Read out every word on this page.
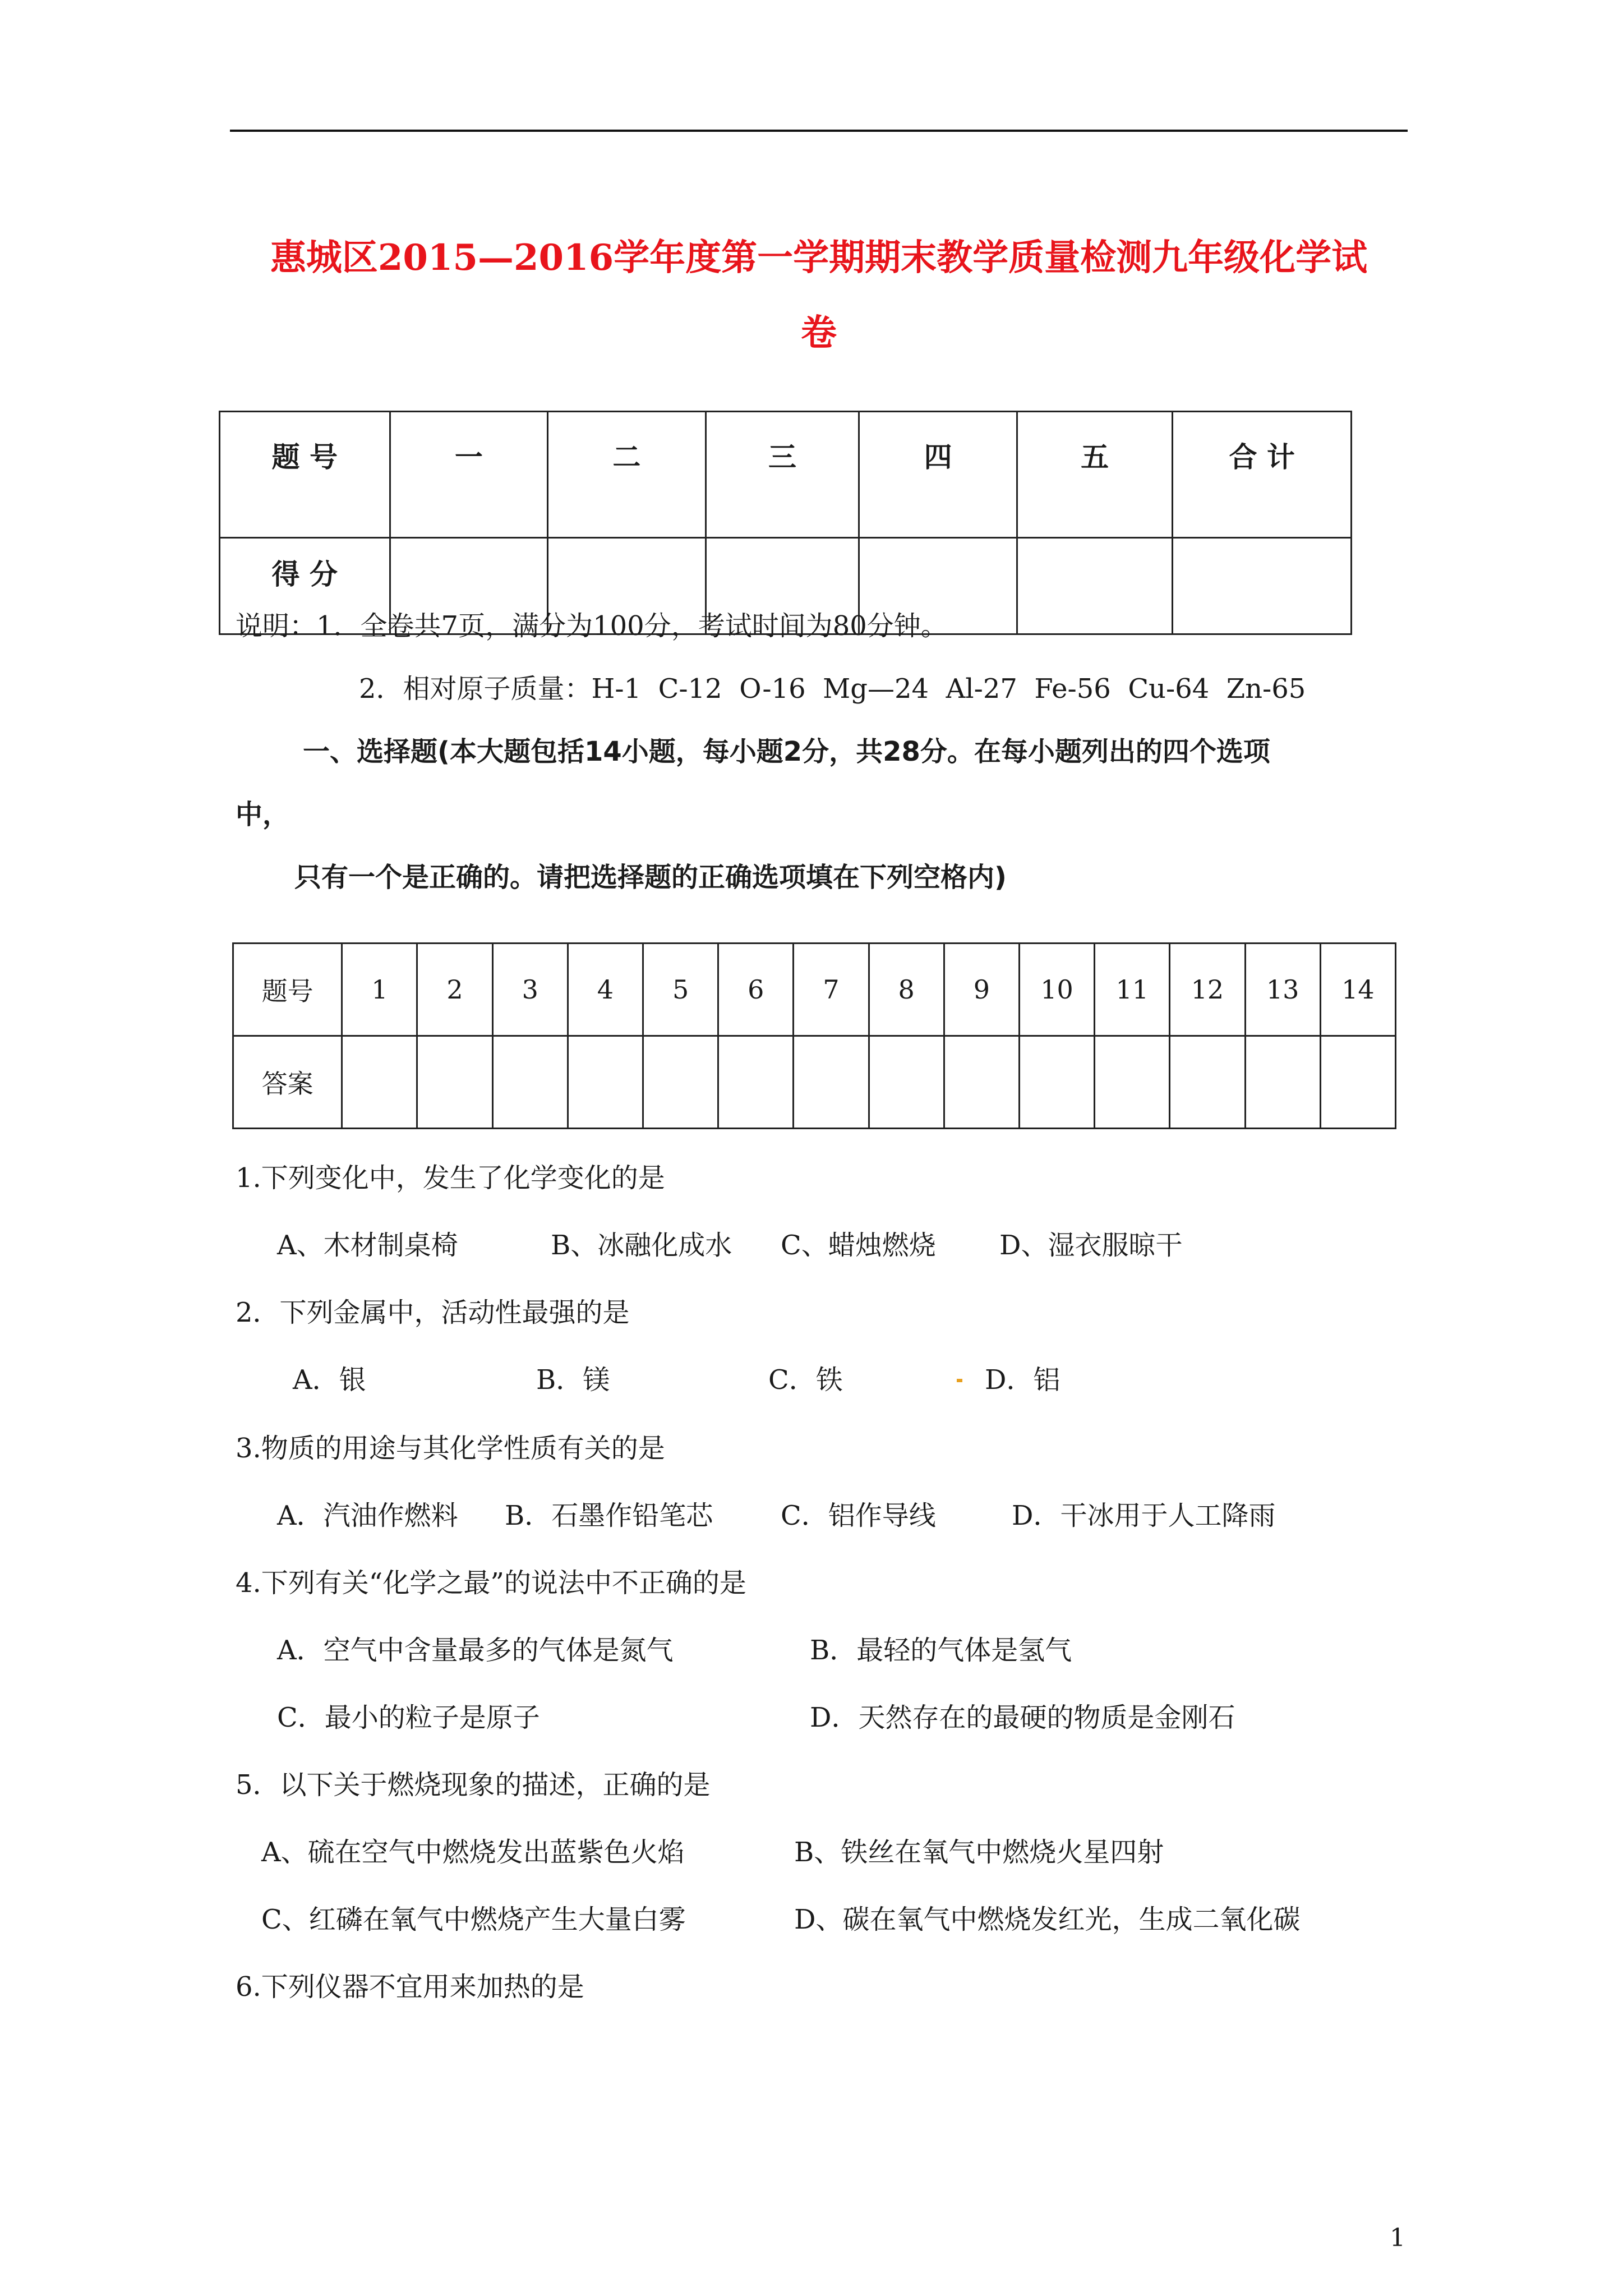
惠城区2015—2016学年度第一学期期末教学质量检测九年级化学试
卷
题 号	一	二	三	四	五	合 计
得 分						
说明：1．全卷共7页，满分为100分，考试时间为80分钟。
2．相对原子质量：H-1  C-12  O-16  Mg—24  Al-27  Fe-56  Cu-64  Zn-65
一、选择题(本大题包括14小题，每小题2分，共28分。在每小题列出的四个选项
中，
只有一个是正确的。请把选择题的正确选项填在下列空格内)
题号	1	2	3	4	5	6	7	8	9	10	11	12	13	14
答案														
1.下列变化中，发生了化学变化的是
A、木材制桌椅	B、冰融化成水 C、蜡烛燃烧 D、湿衣服晾干
2．下列金属中，活动性最强的是
A．银	B．镁	C．铁	D．铝
3.物质的用途与其化学性质有关的是
A．汽油作燃料 B．石墨作铅笔芯	C．铝作导线	D．干冰用于人工降雨
4.下列有关“化学之最”的说法中不正确的是
A．空气中含量最多的气体是氮气	B．最轻的气体是氢气
C．最小的粒子是原子	D．天然存在的最硬的物质是金刚石
5．以下关于燃烧现象的描述，正确的是
A、硫在空气中燃烧发出蓝紫色火焰	B、铁丝在氧气中燃烧火星四射
C、红磷在氧气中燃烧产生大量白雾	D、碳在氧气中燃烧发红光，生成二氧化碳
6.下列仪器不宜用来加热的是
1
